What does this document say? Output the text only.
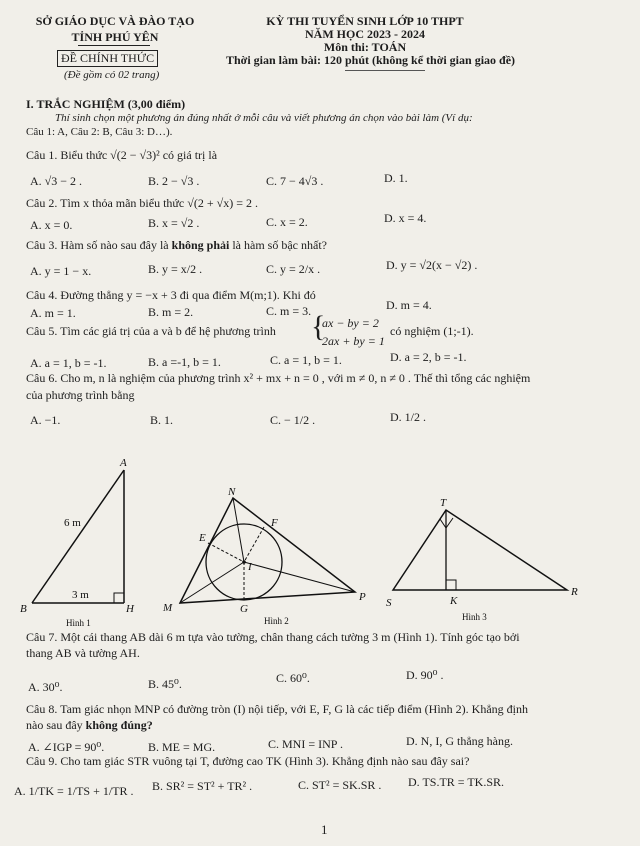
SỞ GIÁO DỤC VÀ ĐÀO TẠO
TỈNH PHÚ YÊN
ĐỀ CHÍNH THỨC
(Đề gồm có 02 trang)
KỲ THI TUYỂN SINH LỚP 10 THPT
NĂM HỌC 2023 - 2024
Môn thi: TOÁN
Thời gian làm bài: 120 phút (không kể thời gian giao đề)
I. TRẮC NGHIỆM (3,00 điểm)
Thí sinh chọn một phương án đúng nhất ở mỗi câu và viết phương án chọn vào bài làm (Ví dụ:
Câu 1: A, Câu 2: B, Câu 3: D…).
Câu 1. Biểu thức √(2 − √3)² có giá trị là
A. √3 − 2 .	B. 2 − √3 .	C. 7 − 4√3 .	D. 1.
Câu 2. Tìm x thỏa mãn biểu thức √(2 + √x) = 2 .
A. x = 0.	B. x = √2 .	C. x = 2.	D. x = 4.
Câu 3. Hàm số nào sau đây là không phải là hàm số bậc nhất?
A. y = 1 − x.	B. y = x/2 .	C. y = 2/x .	D. y = √2(x − √2) .
Câu 4. Đường thẳng y = −x + 3 đi qua điểm M(m;1). Khi đó
A. m = 1.	B. m = 2.	C. m = 3.	D. m = 4.
Câu 5. Tìm các giá trị của a và b để hệ phương trình {
ax − by = 2
2ax + by = 1
có nghiệm (1;-1).
A. a = 1, b = -1.	B. a =-1, b = 1.	C. a = 1, b = 1.	D. a = 2, b = -1.
Câu 6. Cho m, n là nghiệm của phương trình x² + mx + n = 0 , với m ≠ 0, n ≠ 0 . Thế thì tổng các nghiệm
của phương trình bằng
A. −1.	B. 1.	C. − 1/2 .	D. 1/2 .
A
B	H
6 m
3 m
Hình 1
N
M
P
E
F
G
I
Hình 2
T
S	K
R
Hình 3
Câu 7. Một cái thang AB dài 6 m tựa vào tường, chân thang cách tường 3 m (Hình 1). Tính góc tạo bởi
thang AB và tường AH.
A. 30⁰.	B. 45⁰.	C. 60⁰.	D. 90⁰ .
Câu 8. Tam giác nhọn MNP có đường tròn (I) nội tiếp, với E, F, G là các tiếp điểm (Hình 2). Khẳng định
nào sau đây không đúng?
A. ∠IGP = 90⁰.	B. ME = MG.	C. MNI = INP .	D. N, I, G thẳng hàng.
Câu 9. Cho tam giác STR vuông tại T, đường cao TK (Hình 3). Khẳng định nào sau đây sai?
A. 1/TK = 1/TS + 1/TR . B. SR² = ST² + TR² .	C. ST² = SK.SR . D. TS.TR = TK.SR.
1
